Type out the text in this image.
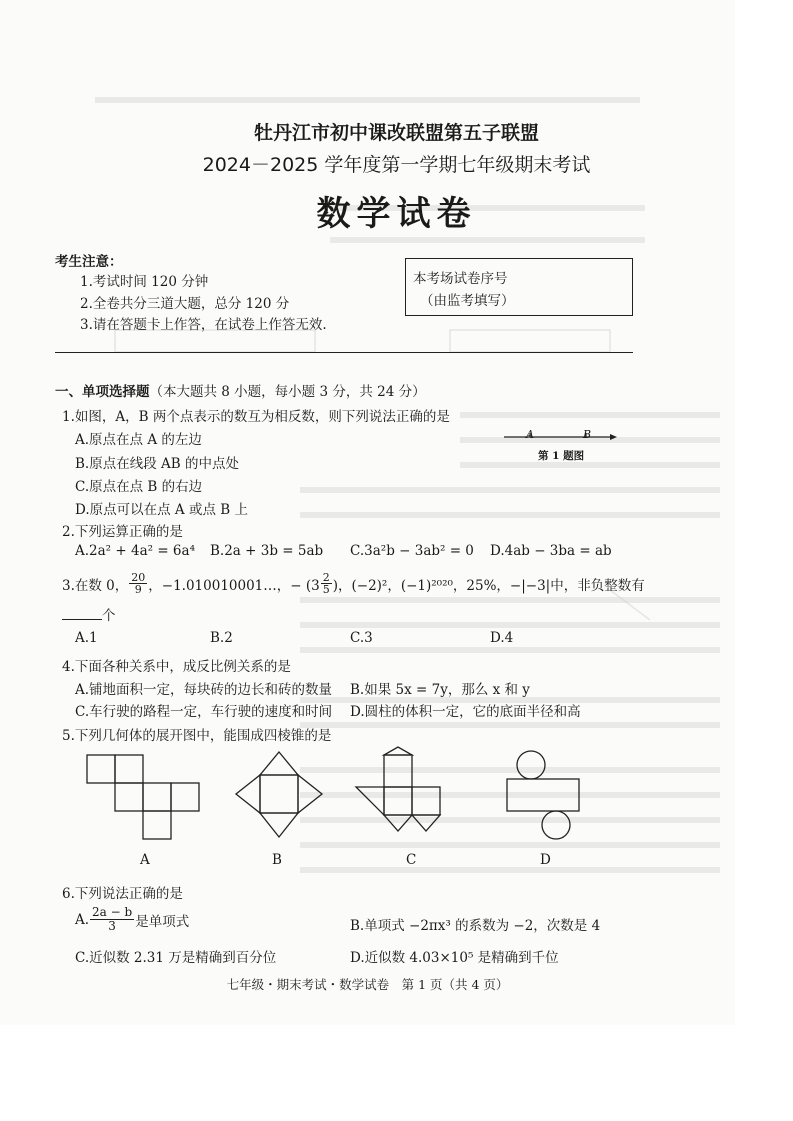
牡丹江市初中课改联盟第五子联盟
2024－2025 学年度第一学期七年级期末考试
数学试卷
考生注意：
1.考试时间 120 分钟
2.全卷共分三道大题，总分 120 分
3.请在答题卡上作答，在试卷上作答无效.
本考场试卷序号
（由监考填写）
一、单项选择题（本大题共 8 小题，每小题 3 分，共 24 分）
1.如图，A，B 两个点表示的数互为相反数，则下列说法正确的是
A.原点在点 A 的左边
B.原点在线段 AB 的中点处
C.原点在点 B 的右边
D.原点可以在点 A 或点 B 上
A	B
第 1 题图
2.下列运算正确的是
A.2a² + 4a² = 6a⁴ B.2a + 3b = 5ab C.3a²b − 3ab² = 0 D.4ab − 3ba = ab
3.在数 0， $\frac{20}{9}$ ，−1.010010001…，− ($3 \frac{2}{5}$ )，(−2)²，(−1)²⁰²⁰，25%，−|−3|中，非负整数有
个
A.1	B.2	C.3	D.4
4.下面各种关系中，成反比例关系的是
A.铺地面积一定，每块砖的边长和砖的数量 B.如果 5x = 7y，那么 x 和 y
C.车行驶的路程一定，车行驶的速度和时间 D.圆柱的体积一定，它的底面半径和高
5.下列几何体的展开图中，能围成四棱锥的是
A	B	C	D
6.下列说法正确的是
A. $\frac{2a - b}{3}$ 是单项式	B.单项式 −2πx³ 的系数为 −2，次数是 4
C.近似数 2.31 万是精确到百分位	D.近似数 4.03×10⁵ 是精确到千位
七年级・期末考试・数学试卷　第 1 页（共 4 页）
